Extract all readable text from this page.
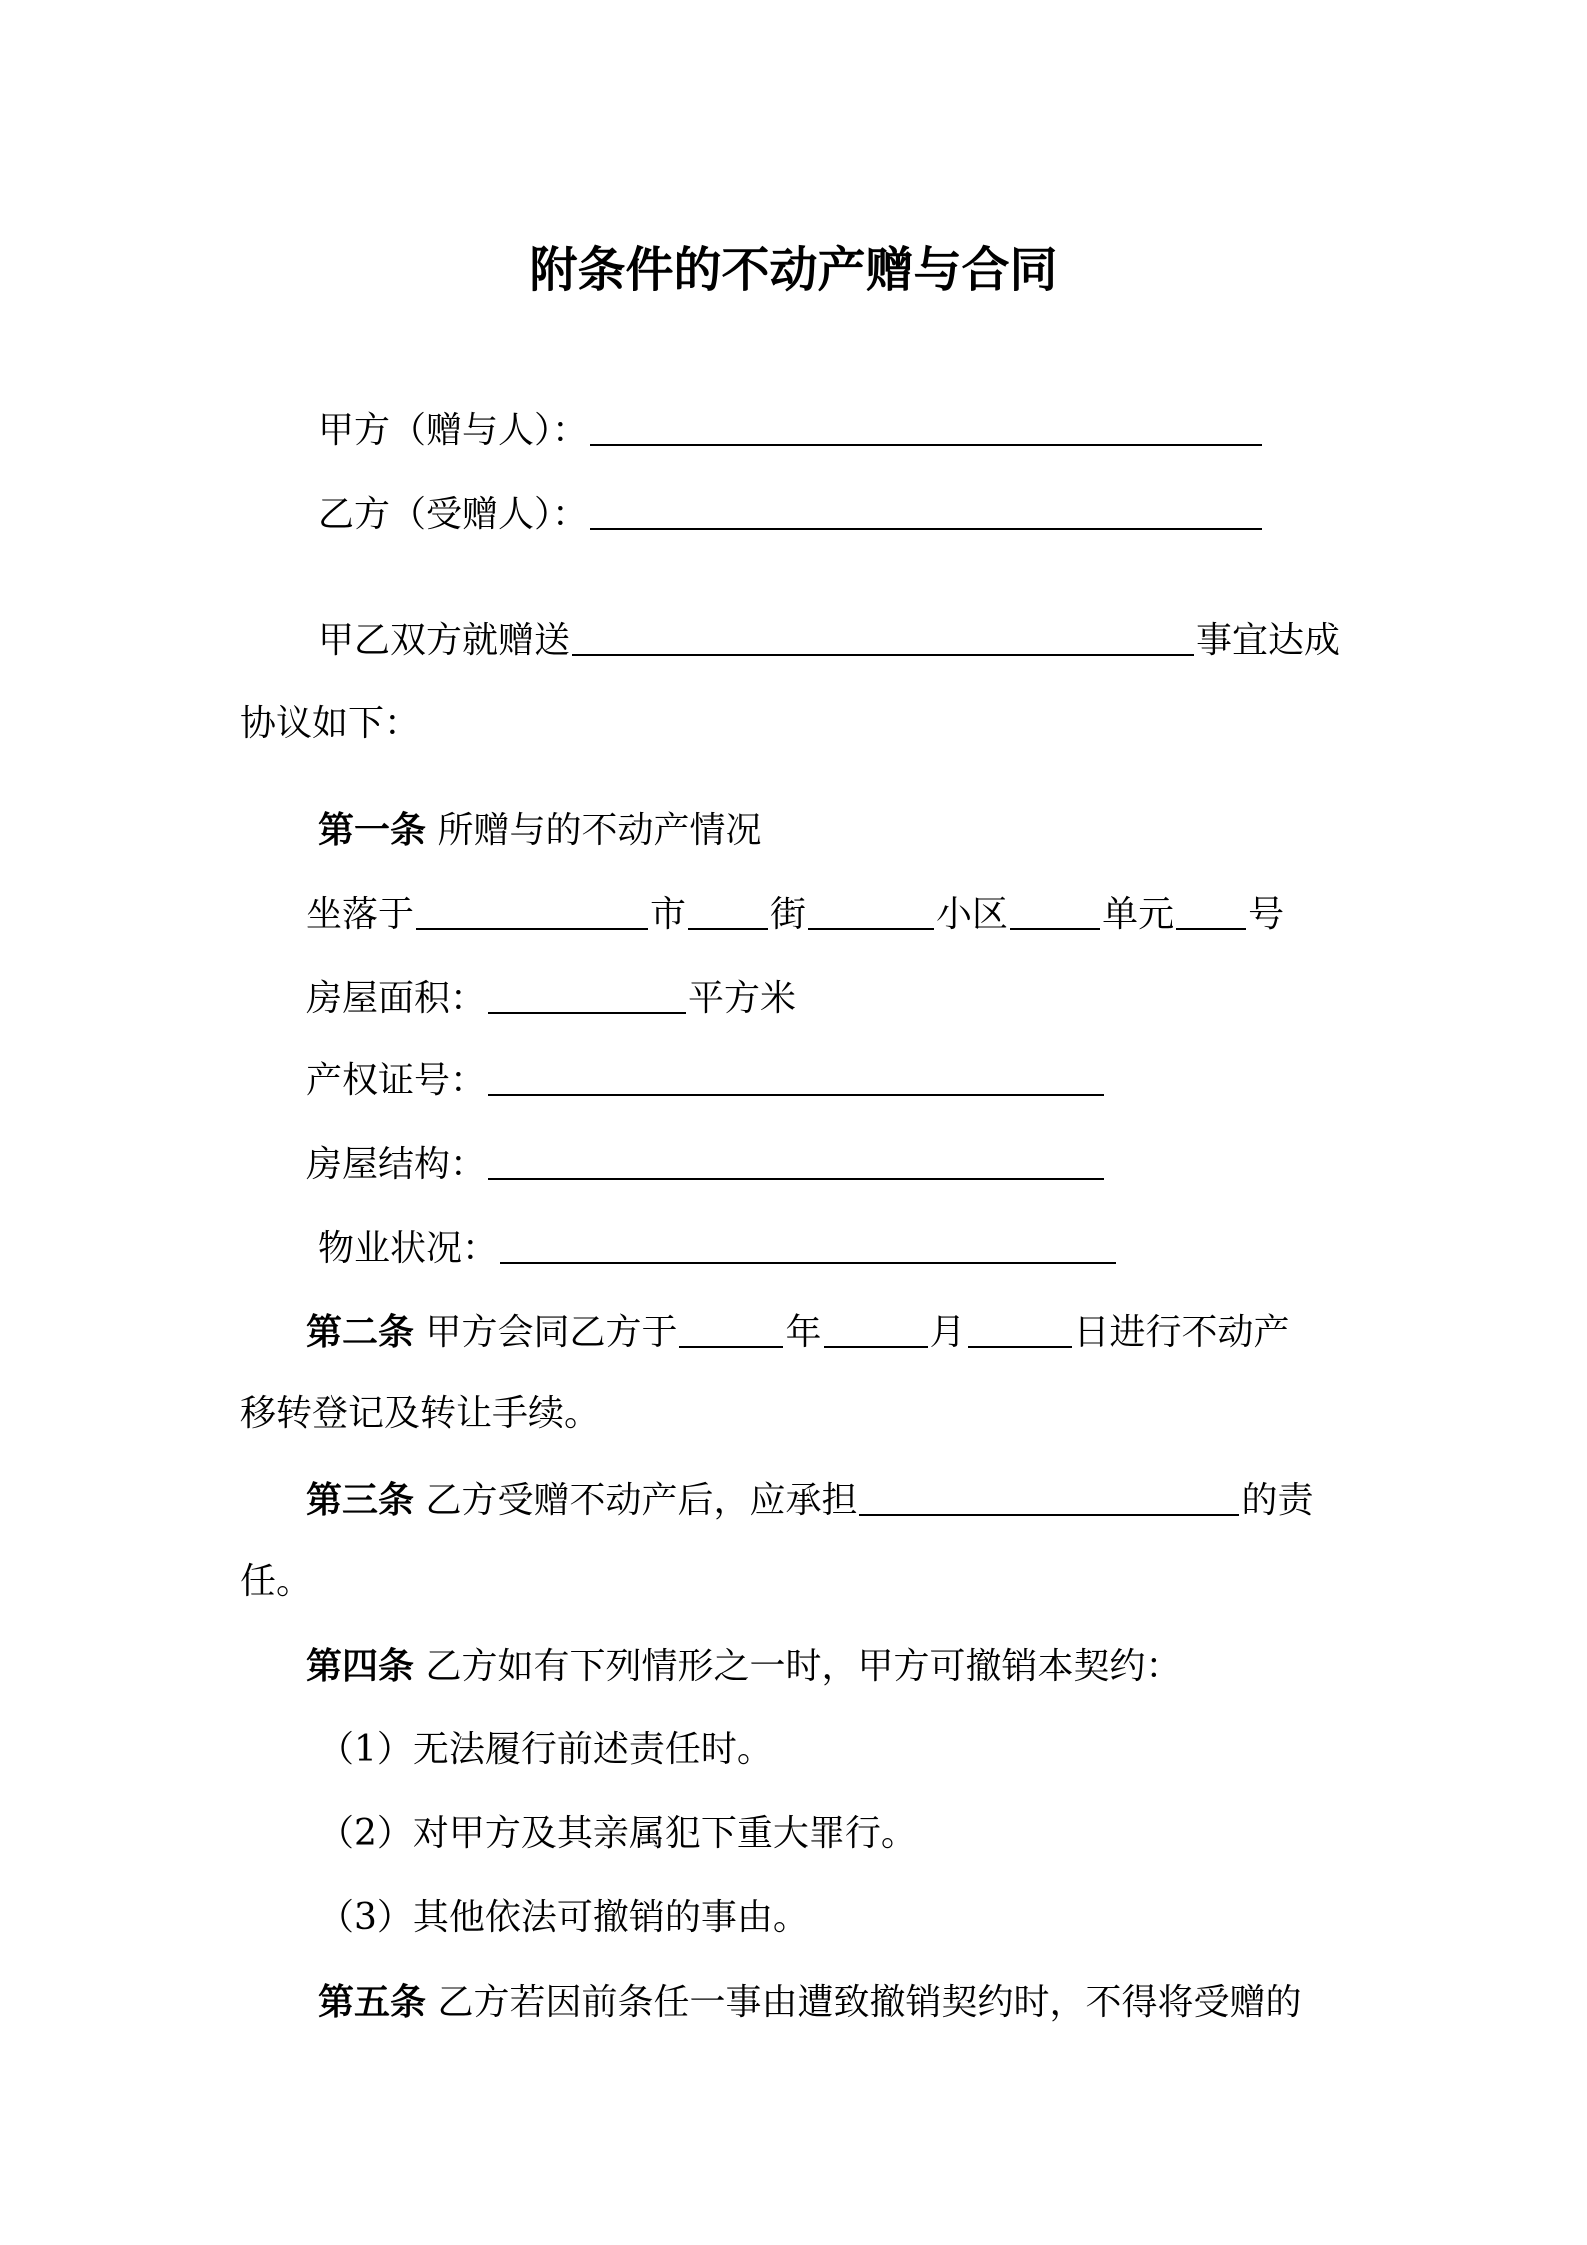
附条件的不动产赠与合同
甲方（赠与人）：
乙方（受赠人）：
甲乙双方就赠送	事宜达成
协议如下：
第一条 所赠与的不动产情况
坐落于	市 街	小区	单元 号
房屋面积：	平方米
产权证号：
房屋结构：
物业状况：
第二条 甲方会同乙方于	年	月	日进行不动产
移转登记及转让手续。
第三条 乙方受赠不动产后，应承担	的责
任。
第四条 乙方如有下列情形之一时，甲方可撤销本契约：
（1）无法履行前述责任时。
（2）对甲方及其亲属犯下重大罪行。
（3）其他依法可撤销的事由。
第五条 乙方若因前条任一事由遭致撤销契约时，不得将受赠的
